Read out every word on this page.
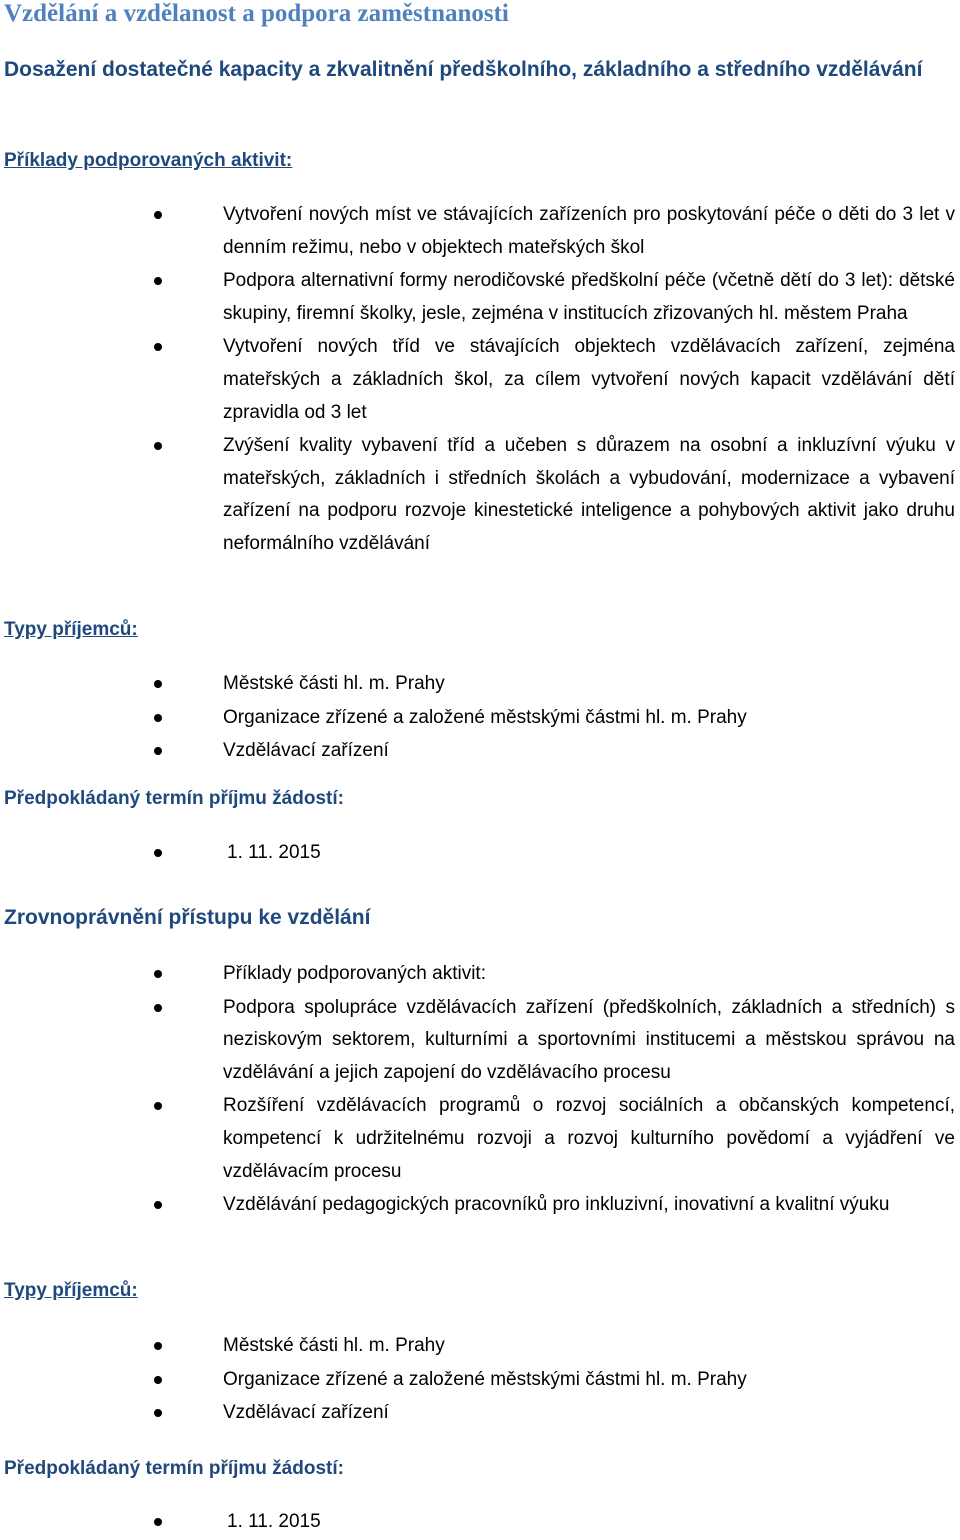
Vzdělání a vzdělanost a podpora zaměstnanosti
Dosažení dostatečné kapacity a zkvalitnění předškolního, základního a středního vzdělávání
Příklady podporovaných aktivit:
Vytvoření nových míst ve stávajících zařízeních pro poskytování péče o děti do 3 let v denním režimu, nebo v objektech mateřských škol
Podpora alternativní formy nerodičovské předškolní péče (včetně dětí do 3 let): dětské skupiny, firemní školky, jesle, zejména v institucích zřizovaných hl. městem Praha
Vytvoření nových tříd ve stávajících objektech vzdělávacích zařízení, zejména mateřských a základních škol, za cílem vytvoření nových kapacit vzdělávání dětí zpravidla od 3 let
Zvýšení kvality vybavení tříd a učeben s důrazem na osobní a inkluzívní výuku v mateřských, základních i středních školách a vybudování, modernizace a vybavení zařízení na podporu rozvoje kinestetické inteligence a pohybových aktivit jako druhu neformálního vzdělávání
Typy příjemců:
Městské části hl. m. Prahy
Organizace zřízené a založené městskými částmi hl. m. Prahy
Vzdělávací zařízení
Předpokládaný termín příjmu žádostí:
1. 11. 2015
Zrovnoprávnění přístupu ke vzdělání
Příklady podporovaných aktivit:
Podpora spolupráce vzdělávacích zařízení (předškolních, základních a středních) s neziskovým sektorem, kulturními a sportovními institucemi a městskou správou na vzdělávání a jejich zapojení do vzdělávacího procesu
Rozšíření vzdělávacích programů o rozvoj sociálních a občanských kompetencí, kompetencí k udržitelnému rozvoji a rozvoj kulturního povědomí a vyjádření ve vzdělávacím procesu
Vzdělávání pedagogických pracovníků pro inkluzivní, inovativní a kvalitní výuku
Typy příjemců:
Městské části hl. m. Prahy
Organizace zřízené a založené městskými částmi hl. m. Prahy
Vzdělávací zařízení
Předpokládaný termín příjmu žádostí:
1. 11. 2015
